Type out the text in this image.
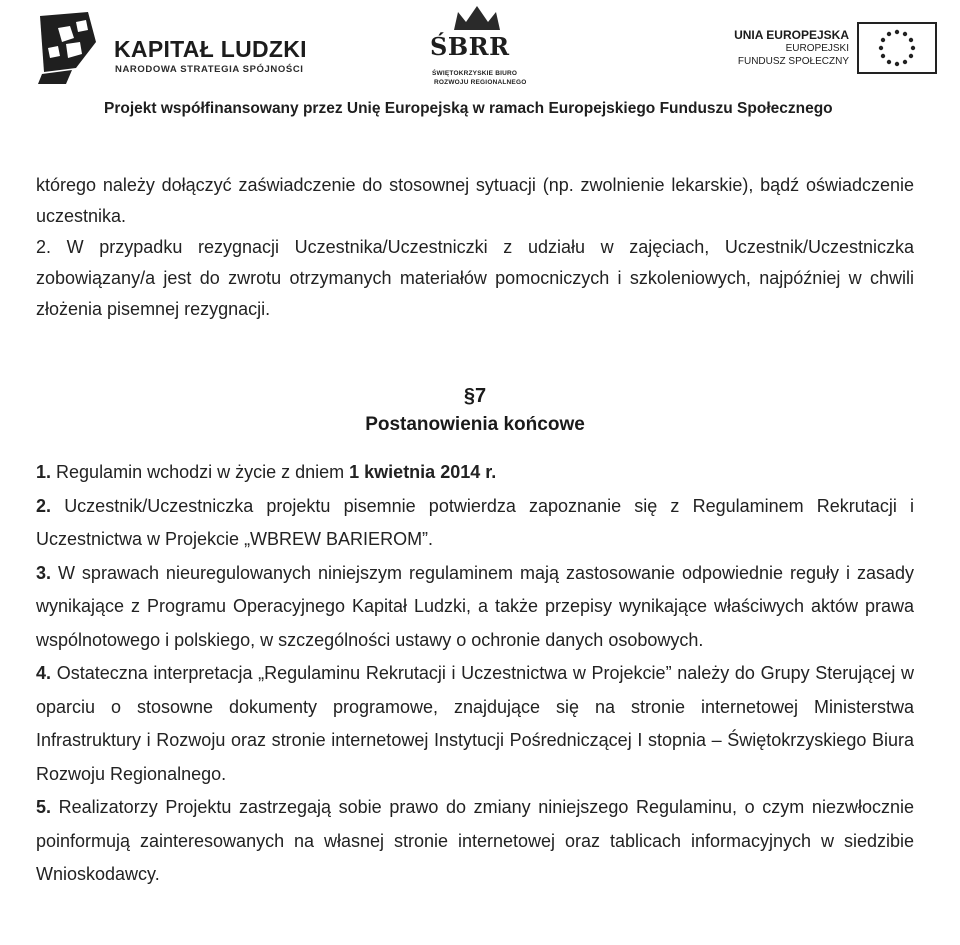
KAPITAŁ LUDZKI
NARODOWA STRATEGIA SPÓJNOŚCI
ŚBRR
ŚWIĘTOKRZYSKIE BIURO
ROZWOJU REGIONALNEGO
UNIA EUROPEJSKA
EUROPEJSKI
FUNDUSZ SPOŁECZNY
Projekt współfinansowany przez Unię Europejską w ramach Europejskiego Funduszu Społecznego

którego należy dołączyć zaświadczenie do stosownej sytuacji (np. zwolnienie lekarskie), bądź oświadczenie uczestnika.

2. W przypadku rezygnacji Uczestnika/Uczestniczki z udziału w zajęciach, Uczestnik/Uczestniczka zobowiązany/a jest do zwrotu otrzymanych materiałów pomocniczych i szkoleniowych, najpóźniej w chwili złożenia pisemnej rezygnacji.

§7
Postanowienia końcowe

1. Regulamin wchodzi w życie z dniem 1 kwietnia 2014 r.

2. Uczestnik/Uczestniczka projektu pisemnie potwierdza zapoznanie się z Regulaminem Rekrutacji i Uczestnictwa w Projekcie „WBREW BARIEROM”.

3. W sprawach nieuregulowanych niniejszym regulaminem mają zastosowanie odpowiednie reguły i zasady wynikające z Programu Operacyjnego Kapitał Ludzki, a także przepisy wynikające właściwych aktów prawa wspólnotowego i polskiego, w szczególności ustawy o ochronie danych osobowych.

4. Ostateczna interpretacja „Regulaminu Rekrutacji i Uczestnictwa w Projekcie” należy do Grupy Sterującej w oparciu o stosowne dokumenty programowe, znajdujące się na stronie internetowej Ministerstwa Infrastruktury i Rozwoju oraz stronie internetowej Instytucji Pośredniczącej I stopnia – Świętokrzyskiego Biura Rozwoju Regionalnego.

5. Realizatorzy Projektu zastrzegają sobie prawo do zmiany niniejszego Regulaminu, o czym niezwłocznie poinformują zainteresowanych na własnej stronie internetowej oraz tablicach informacyjnych w siedzibie Wnioskodawcy.
